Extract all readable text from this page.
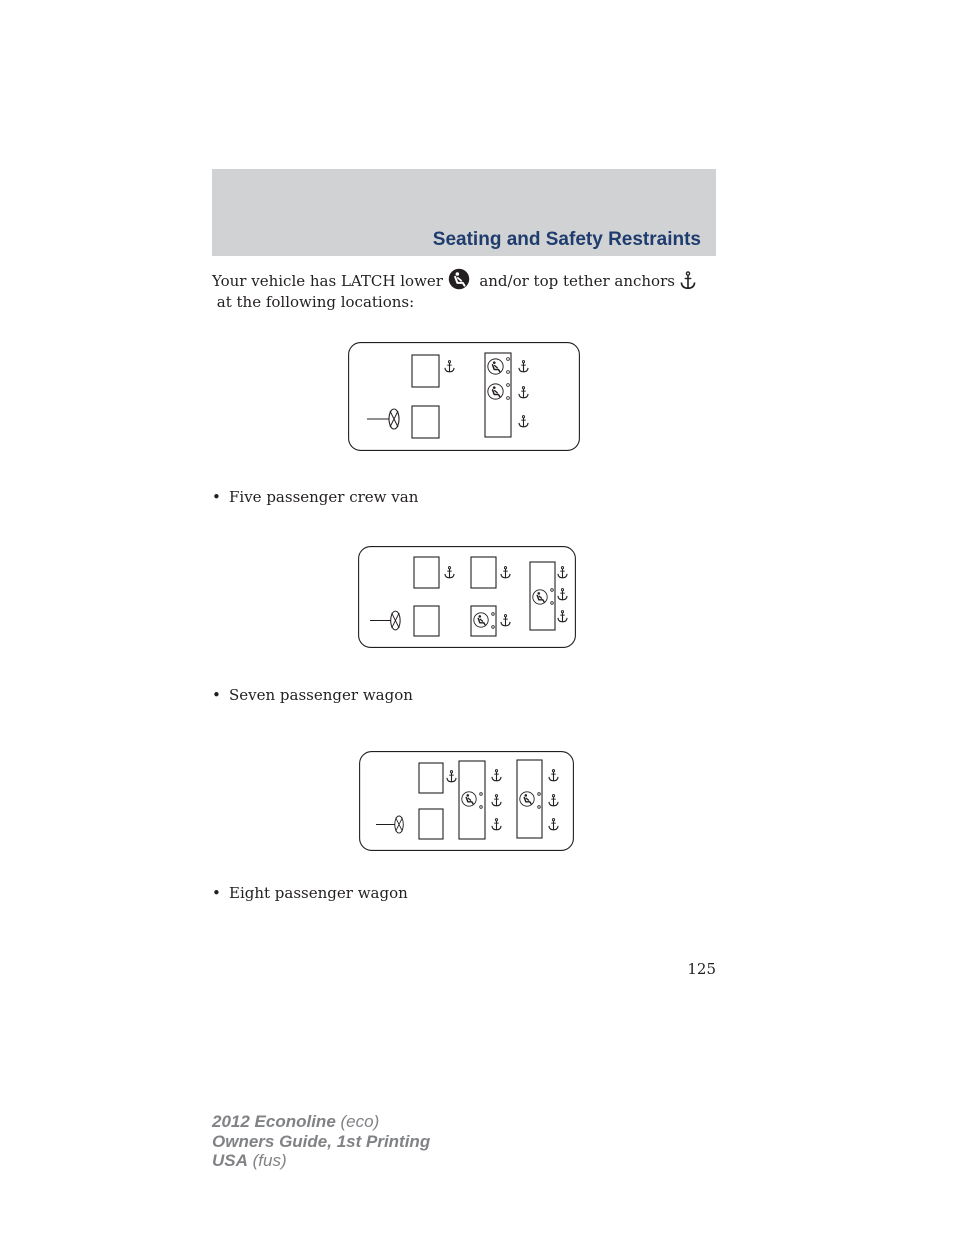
Seating and Safety Restraints
Your vehicle has LATCH lower and/or top tether anchors   at the following locations:
• Five passenger crew van
• Seven passenger wagon
• Eight passenger wagon
125
2012 Econoline (eco)
Owners Guide, 1st Printing
USA (fus)
